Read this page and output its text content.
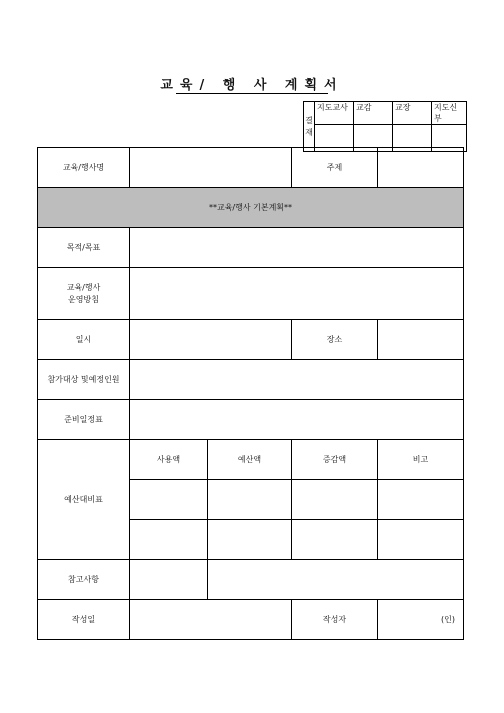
교육/ 행 사 계획서
결
재	지도교사	교감	교장	지도신부

교육/행사명			주제	
**교육/행사 기본계획**				
목적/목표				

교육/행사
운영방침				

일시			장소	
참가대상 및예정인원				
준비일정표				
예산대비표	사용액	예산액	증감액	비고

참고사항				
작성일			작성자	(인)
